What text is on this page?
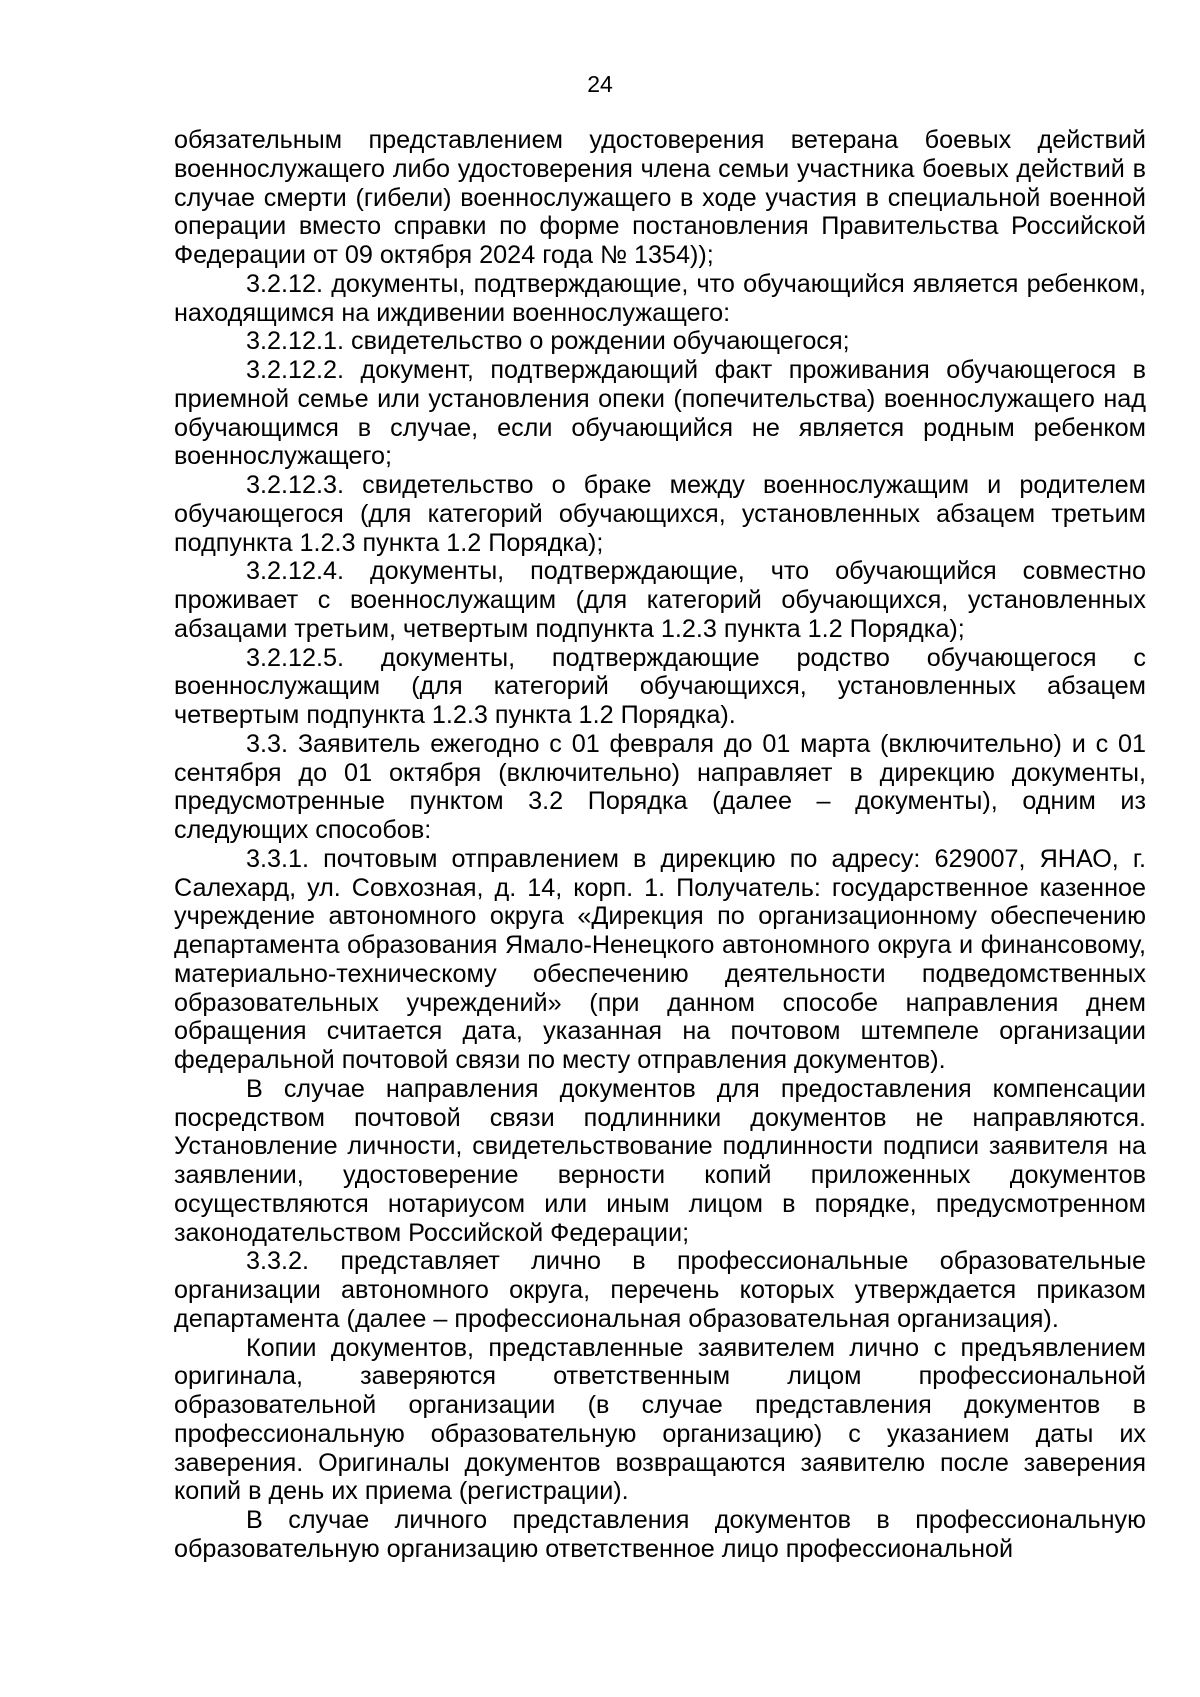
24

обязательным представлением удостоверения ветерана боевых действий военнослужащего либо удостоверения члена семьи участника боевых действий в случае смерти (гибели) военнослужащего в ходе участия в специальной военной операции вместо справки по форме постановления Правительства Российской Федерации от 09 октября 2024 года № 1354));

3.2.12. документы, подтверждающие, что обучающийся является ребенком, находящимся на иждивении военнослужащего:

3.2.12.1. свидетельство о рождении обучающегося;

3.2.12.2. документ, подтверждающий факт проживания обучающегося в приемной семье или установления опеки (попечительства) военнослужащего над обучающимся в случае, если обучающийся не является родным ребенком военнослужащего;

3.2.12.3. свидетельство о браке между военнослужащим и родителем обучающегося (для категорий обучающихся, установленных абзацем третьим подпункта 1.2.3 пункта 1.2 Порядка);

3.2.12.4. документы, подтверждающие, что обучающийся совместно проживает с военнослужащим (для категорий обучающихся, установленных абзацами третьим, четвертым подпункта 1.2.3 пункта 1.2 Порядка);

3.2.12.5. документы, подтверждающие родство обучающегося с военнослужащим (для категорий обучающихся, установленных абзацем четвертым подпункта 1.2.3 пункта 1.2 Порядка).

3.3. Заявитель ежегодно с 01 февраля до 01 марта (включительно) и с 01 сентября до 01 октября (включительно) направляет в дирекцию документы, предусмотренные пунктом 3.2 Порядка (далее – документы), одним из следующих способов:

3.3.1. почтовым отправлением в дирекцию по адресу: 629007, ЯНАО, г. Салехард, ул. Совхозная, д. 14, корп. 1. Получатель: государственное казенное учреждение автономного округа «Дирекция по организационному обеспечению департамента образования Ямало-Ненецкого автономного округа и финансовому, материально-техническому обеспечению деятельности подведомственных образовательных учреждений» (при данном способе направления днем обращения считается дата, указанная на почтовом штемпеле организации федеральной почтовой связи по месту отправления документов).

В случае направления документов для предоставления компенсации посредством почтовой связи подлинники документов не направляются. Установление личности, свидетельствование подлинности подписи заявителя на заявлении, удостоверение верности копий приложенных документов осуществляются нотариусом или иным лицом в порядке, предусмотренном законодательством Российской Федерации;

3.3.2. представляет лично в профессиональные образовательные организации автономного округа, перечень которых утверждается приказом департамента (далее – профессиональная образовательная организация).

Копии документов, представленные заявителем лично с предъявлением оригинала, заверяются ответственным лицом профессиональной образовательной организации (в случае представления документов в профессиональную образовательную организацию) с указанием даты их заверения. Оригиналы документов возвращаются заявителю после заверения копий в день их приема (регистрации).

В случае личного представления документов в профессиональную образовательную организацию ответственное лицо профессиональной
